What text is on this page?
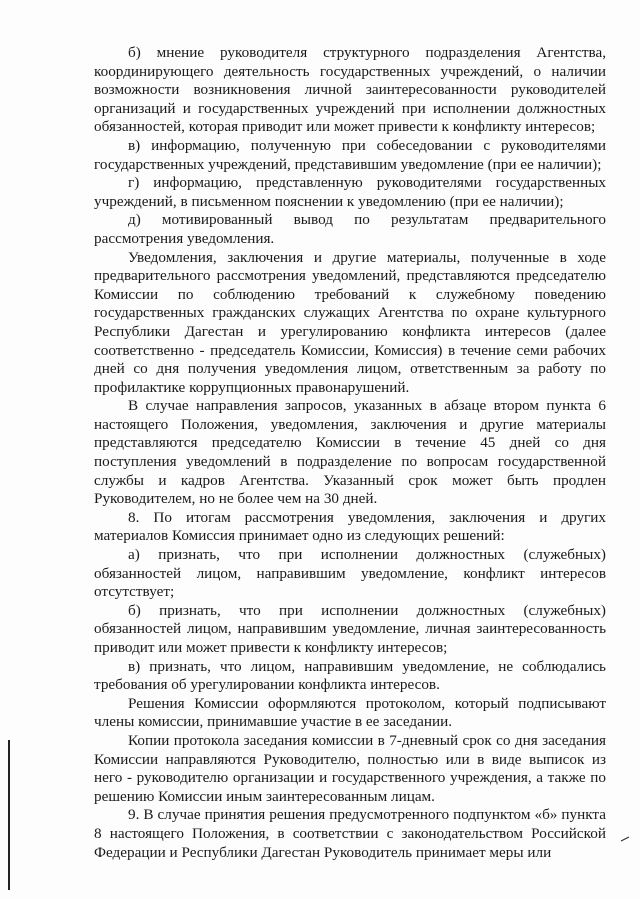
б) мнение руководителя структурного подразделения Агентства, координирующего деятельность государственных учреждений, о наличии возможности возникновения личной заинтересованности руководителей организаций и государственных учреждений при исполнении должностных обязанностей, которая приводит или может привести к конфликту интересов;

в) информацию, полученную при собеседовании с руководителями государственных учреждений, представившим уведомление (при ее наличии);

г) информацию, представленную руководителями государственных учреждений, в письменном пояснении к уведомлению (при ее наличии);

д) мотивированный вывод по результатам предварительного рассмотрения уведомления.

Уведомления, заключения и другие материалы, полученные в ходе предварительного рассмотрения уведомлений, представляются председателю Комиссии по соблюдению требований к служебному поведению государственных гражданских служащих Агентства по охране культурного Республики Дагестан и урегулированию конфликта интересов (далее соответственно - председатель Комиссии, Комиссия) в течение семи рабочих дней со дня получения уведомления лицом, ответственным за работу по профилактике коррупционных правонарушений.

В случае направления запросов, указанных в абзаце втором пункта 6 настоящего Положения, уведомления, заключения и другие материалы представляются председателю Комиссии в течение 45 дней со дня поступления уведомлений в подразделение по вопросам государственной службы и кадров Агентства. Указанный срок может быть продлен Руководителем, но не более чем на 30 дней.

8. По итогам рассмотрения уведомления, заключения и других материалов Комиссия принимает одно из следующих решений:

а) признать, что при исполнении должностных (служебных) обязанностей лицом, направившим уведомление, конфликт интересов отсутствует;

б) признать, что при исполнении должностных (служебных) обязанностей лицом, направившим уведомление, личная заинтересованность приводит или может привести к конфликту интересов;

в) признать, что лицом, направившим уведомление, не соблюдались требования об урегулировании конфликта интересов.

Решения Комиссии оформляются протоколом, который подписывают члены комиссии, принимавшие участие в ее заседании.

Копии протокола заседания комиссии в 7-дневный срок со дня заседания Комиссии направляются Руководителю, полностью или в виде выписок из него - руководителю организации и государственного учреждения, а также по решению Комиссии иным заинтересованным лицам.

9. В случае принятия решения предусмотренного подпунктом «б» пункта 8 настоящего Положения, в соответствии с законодательством Российской Федерации и Республики Дагестан Руководитель принимает меры или
